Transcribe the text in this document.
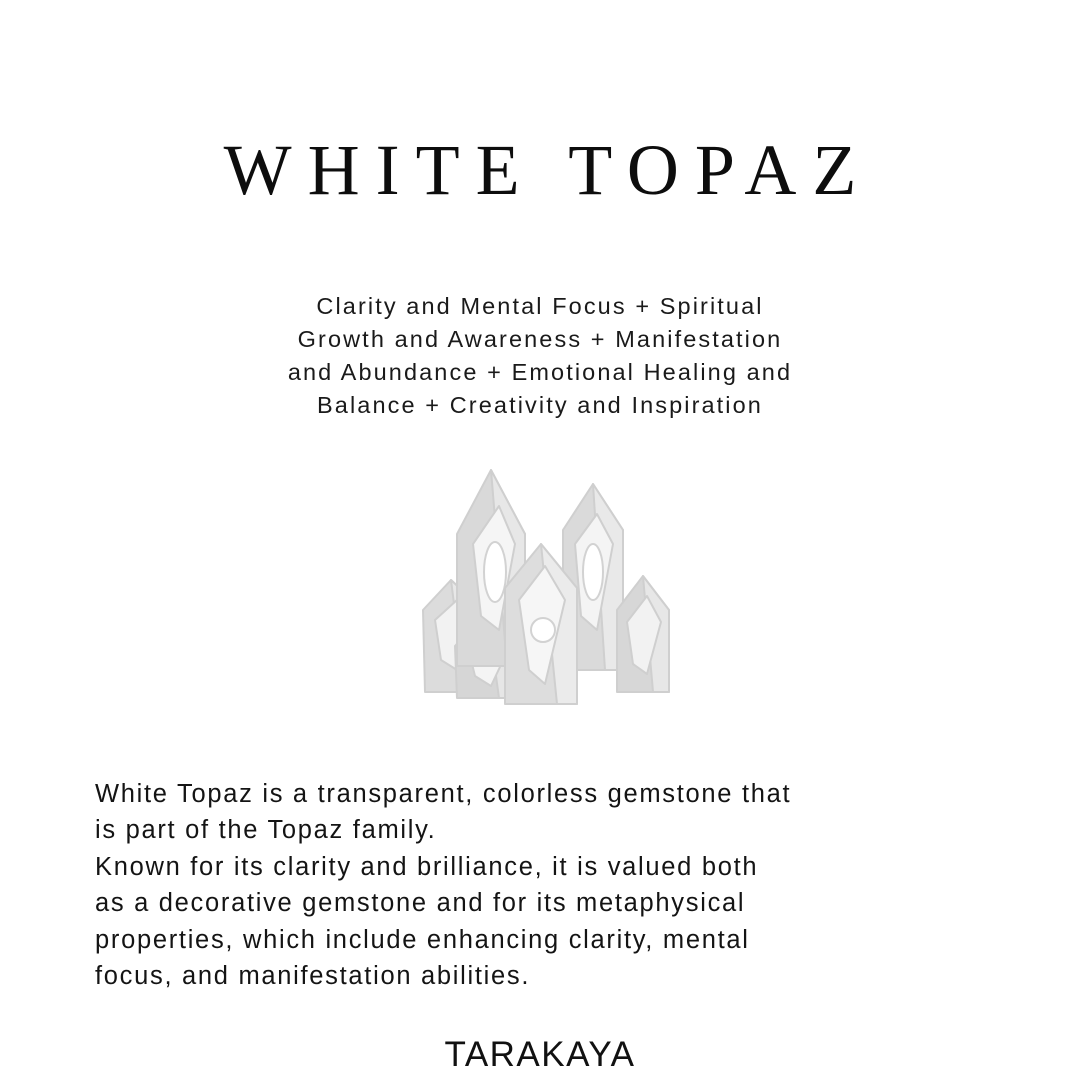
WHITE TOPAZ
Clarity and Mental Focus + Spiritual
Growth and Awareness + Manifestation
and Abundance + Emotional Healing and
Balance + Creativity and Inspiration

White Topaz is a transparent, colorless gemstone that

is part of the Topaz family.

Known for its clarity and brilliance, it is valued both

as a decorative gemstone and for its metaphysical

properties, which include enhancing clarity, mental

focus, and manifestation abilities.

TARAKAYA
